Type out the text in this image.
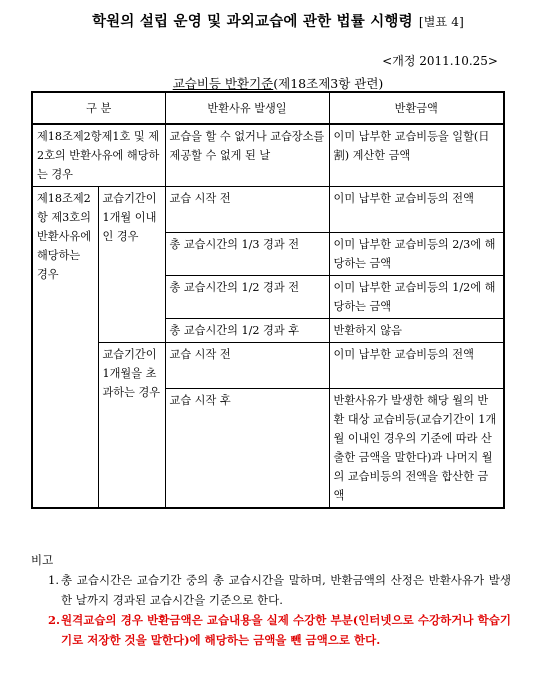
학원의 설립 운영 및 과외교습에 관한 법률 시행령 [별표 4]
<개정 2011.10.25>
교습비등 반환기준(제18조제3항 관련)
구 분		반환사유 발생일	반환금액
제18조제2항제1호 및 제2호의 반환사유에 해당하는 경우		교습을 할 수 없거나 교습장소를 제공할 수 없게 된 날	이미 납부한 교습비등을 일할(日割) 계산한 금액
제18조제2항 제3호의 반환사유에 해당하는 경우	교습기간이 1개월 이내인 경우	교습 시작 전	이미 납부한 교습비등의 전액
		총 교습시간의 1/3 경과 전	이미 납부한 교습비등의 2/3에 해당하는 금액
		총 교습시간의 1/2 경과 전	이미 납부한 교습비등의 1/2에 해당하는 금액
		총 교습시간의 1/2 경과 후	반환하지 않음
	교습기간이 1개월을 초과하는 경우	교습 시작 전	이미 납부한 교습비등의 전액
		교습 시작 후	반환사유가 발생한 해당 월의 반환 대상 교습비등(교습기간이 1개월 이내인 경우의 기준에 따라 산출한 금액을 말한다)과 나머지 월의 교습비등의 전액을 합산한 금액
비고
1. 총 교습시간은 교습기간 중의 총 교습시간을 말하며, 반환금액의 산정은 반환사유가 발생한 날까지 경과된 교습시간을 기준으로 한다.
2. 원격교습의 경우 반환금액은 교습내용을 실제 수강한 부분(인터넷으로 수강하거나 학습기기로 저장한 것을 말한다)에 해당하는 금액을 뺀 금액으로 한다.
